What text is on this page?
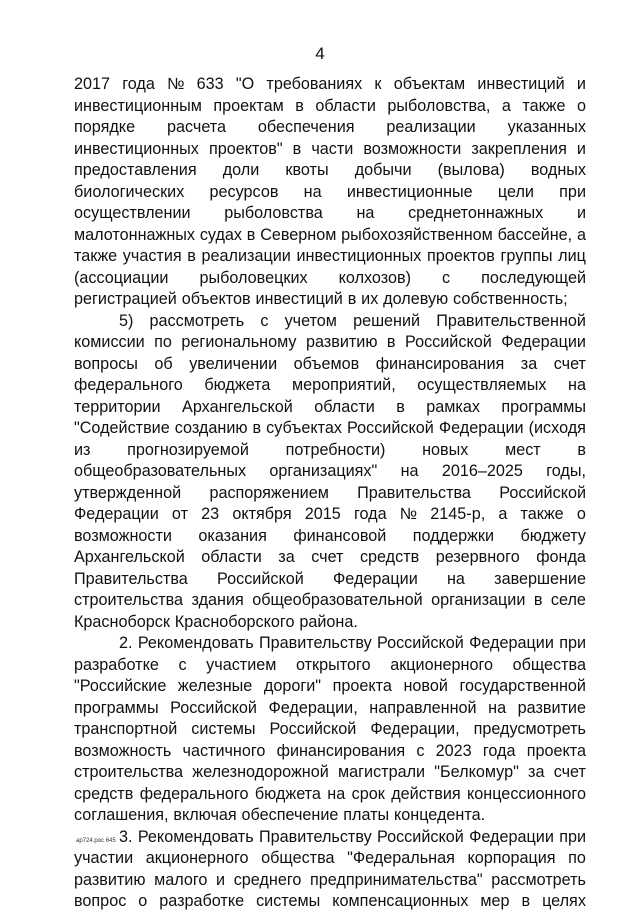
4
2017 года № 633 "О требованиях к объектам инвестиций и
инвестиционным проектам в области рыболовства, а также о
порядке расчета обеспечения реализации указанных
инвестиционных проектов" в части возможности закрепления и
предоставления доли квоты добычи (вылова) водных
биологических ресурсов на инвестиционные цели при
осуществлении рыболовства на среднетоннажных и
малотоннажных судах в Северном рыбохозяйственном бассейне, а
также участия в реализации инвестиционных проектов группы лиц
(ассоциации рыболовецких колхозов) с последующей
регистрацией объектов инвестиций в их долевую собственность;
5) рассмотреть с учетом решений Правительственной
комиссии по региональному развитию в Российской Федерации
вопросы об увеличении объемов финансирования за счет
федерального бюджета мероприятий, осуществляемых на
территории Архангельской области в рамках программы
"Содействие созданию в субъектах Российской Федерации (исходя
из прогнозируемой потребности) новых мест в
общеобразовательных организациях" на 2016–2025 годы,
утвержденной распоряжением Правительства Российской
Федерации от 23 октября 2015 года № 2145-р, а также о
возможности оказания финансовой поддержки бюджету
Архангельской области за счет средств резервного фонда
Правительства Российской Федерации на завершение
строительства здания общеобразовательной организации в селе
Красноборск Красноборского района.
2. Рекомендовать Правительству Российской Федерации при
разработке с участием открытого акционерного общества
"Российские железные дороги" проекта новой государственной
программы Российской Федерации, направленной на развитие
транспортной системы Российской Федерации, предусмотреть
возможность частичного финансирования с 2023 года проекта
строительства железнодорожной магистрали "Белкомур" за счет
средств федерального бюджета на срок действия концессионного
соглашения, включая обеспечение платы концедента.
3. Рекомендовать Правительству Российской Федерации при
участии акционерного общества "Федеральная корпорация по
развитию малого и среднего предпринимательства" рассмотреть
вопрос о разработке системы компенсационных мер в целях
ар724.рос 645
